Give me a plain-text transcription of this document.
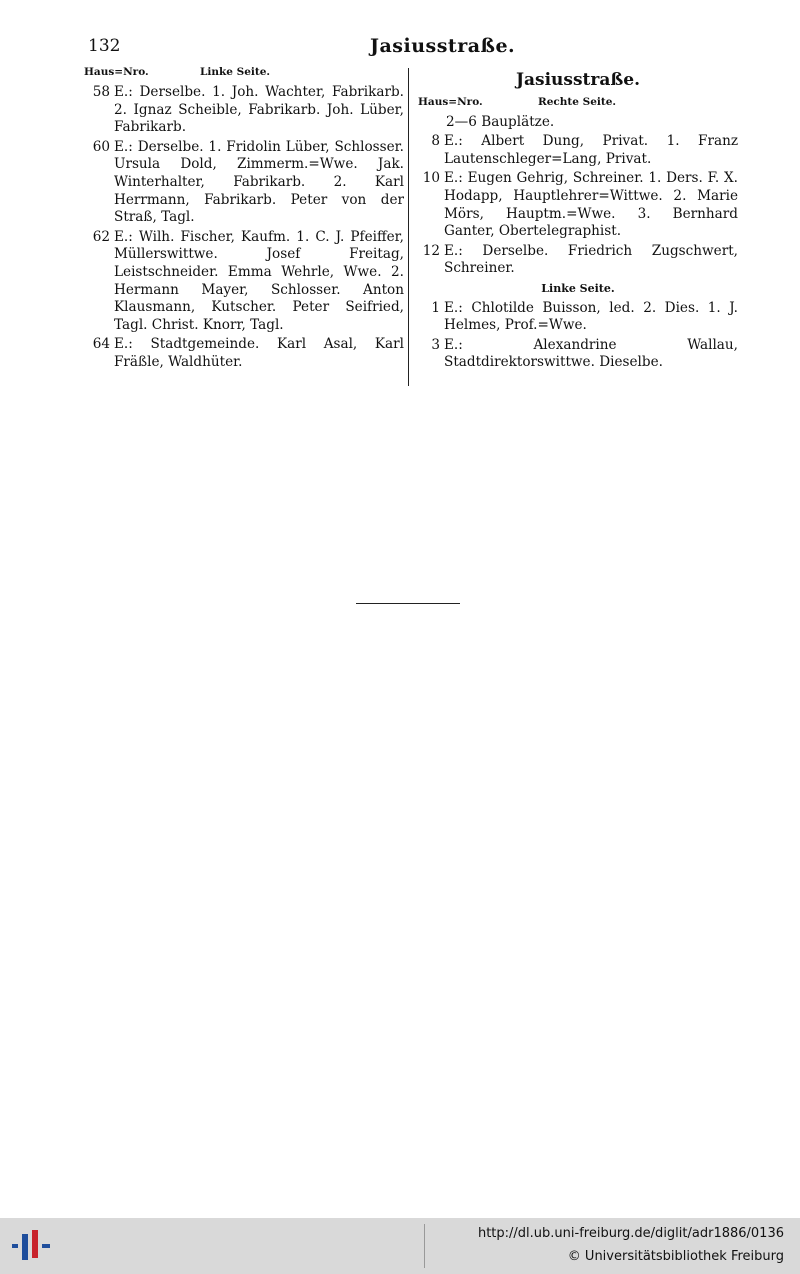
132	Jasiusstraße.
Haus=Nro.	Linke Seite.
58 E.: Derselbe. 1. Joh. Wachter, Fabrikarb. 2. Ignaz Scheible, Fabrikarb. Joh. Lüber, Fabrikarb.
60 E.: Derselbe. 1. Fridolin Lüber, Schlosser. Ursula Dold, Zimmerm.=Wwe. Jak. Winterhalter, Fabrikarb. 2. Karl Herrmann, Fabrikarb. Peter von der Straß, Tagl.
62 E.: Wilh. Fischer, Kaufm. 1. C. J. Pfeiffer, Müllerswittwe. Josef Freitag, Leistschneider. Emma Wehrle, Wwe. 2. Hermann Mayer, Schlosser. Anton Klausmann, Kutscher. Peter Seifried, Tagl. Christ. Knorr, Tagl.
64 E.: Stadtgemeinde. Karl Asal, Karl Fräßle, Waldhüter.
Jasiusstraße.
Haus=Nro.	Rechte Seite.
2—6 Bauplätze.
8 E.: Albert Dung, Privat. 1. Franz Lautenschleger=Lang, Privat.
10 E.: Eugen Gehrig, Schreiner. 1. Ders. F. X. Hodapp, Hauptlehrer=Wittwe. 2. Marie Mörs, Hauptm.=Wwe. 3. Bernhard Ganter, Obertelegraphist.
12 E.: Derselbe. Friedrich Zugschwert, Schreiner.
Linke Seite.
1 E.: Chlotilde Buisson, led. 2. Dies. 1. J. Helmes, Prof.=Wwe.
3 E.: Alexandrine Wallau, Stadtdirektorswittwe. Dieselbe.
http://dl.ub.uni-freiburg.de/diglit/adr1886/0136
© Universitätsbibliothek Freiburg
